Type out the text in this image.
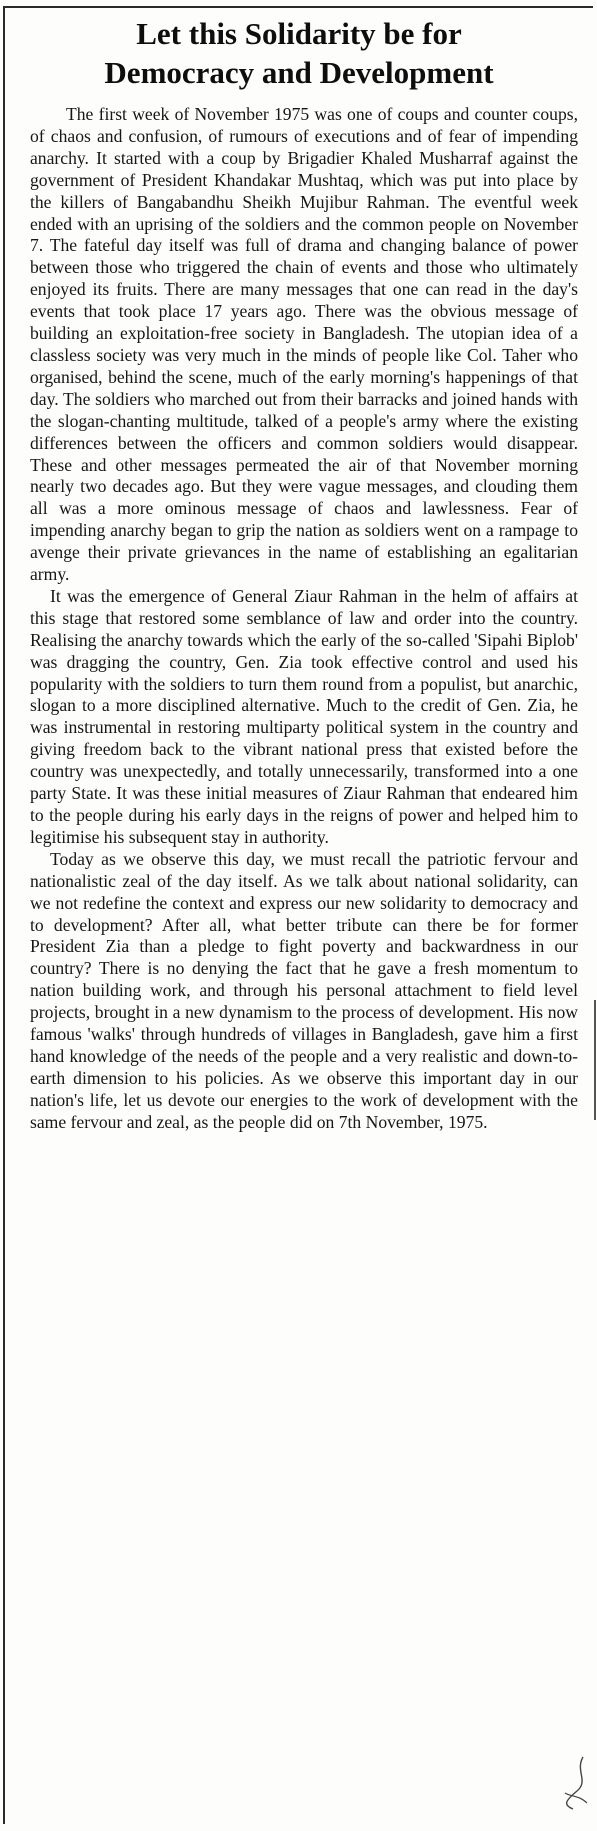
Let this Solidarity be for
Democracy and Development

The first week of November 1975 was one of coups and counter coups, of chaos and confusion, of rumours of executions and of fear of impending anarchy. It started with a coup by Brigadier Khaled Musharraf against the government of President Khandakar Mushtaq, which was put into place by the killers of Bangabandhu Sheikh Mujibur Rahman. The eventful week ended with an uprising of the soldiers and the common people on November 7. The fateful day itself was full of drama and changing balance of power between those who triggered the chain of events and those who ultimately enjoyed its fruits. There are many messages that one can read in the day's events that took place 17 years ago. There was the obvious message of building an exploitation-free society in Bangladesh. The utopian idea of a classless society was very much in the minds of people like Col. Taher who organised, behind the scene, much of the early morning's happenings of that day. The soldiers who marched out from their barracks and joined hands with the slogan-chanting multitude, talked of a people's army where the existing differences between the officers and common soldiers would disappear. These and other messages permeated the air of that November morning nearly two decades ago. But they were vague messages, and clouding them all was a more ominous message of chaos and lawlessness. Fear of impending anarchy began to grip the nation as soldiers went on a rampage to avenge their private grievances in the name of establishing an egalitarian army.

It was the emergence of General Ziaur Rahman in the helm of affairs at this stage that restored some semblance of law and order into the country. Realising the anarchy towards which the early of the so-called 'Sipahi Biplob' was dragging the country, Gen. Zia took effective control and used his popularity with the soldiers to turn them round from a populist, but anarchic, slogan to a more disciplined alternative. Much to the credit of Gen. Zia, he was instrumental in restoring multiparty political system in the country and giving freedom back to the vibrant national press that existed before the country was unexpectedly, and totally unnecessarily, transformed into a one party State. It was these initial measures of Ziaur Rahman that endeared him to the people during his early days in the reigns of power and helped him to legitimise his subsequent stay in authority.

Today as we observe this day, we must recall the patriotic fervour and nationalistic zeal of the day itself. As we talk about national solidarity, can we not redefine the context and express our new solidarity to democracy and to development? After all, what better tribute can there be for former President Zia than a pledge to fight poverty and backwardness in our country? There is no denying the fact that he gave a fresh momentum to nation building work, and through his personal attachment to field level projects, brought in a new dynamism to the process of development. His now famous 'walks' through hundreds of villages in Bangladesh, gave him a first hand knowledge of the needs of the people and a very realistic and down-to-earth dimension to his policies. As we observe this important day in our nation's life, let us devote our energies to the work of development with the same fervour and zeal, as the people did on 7th November, 1975.
